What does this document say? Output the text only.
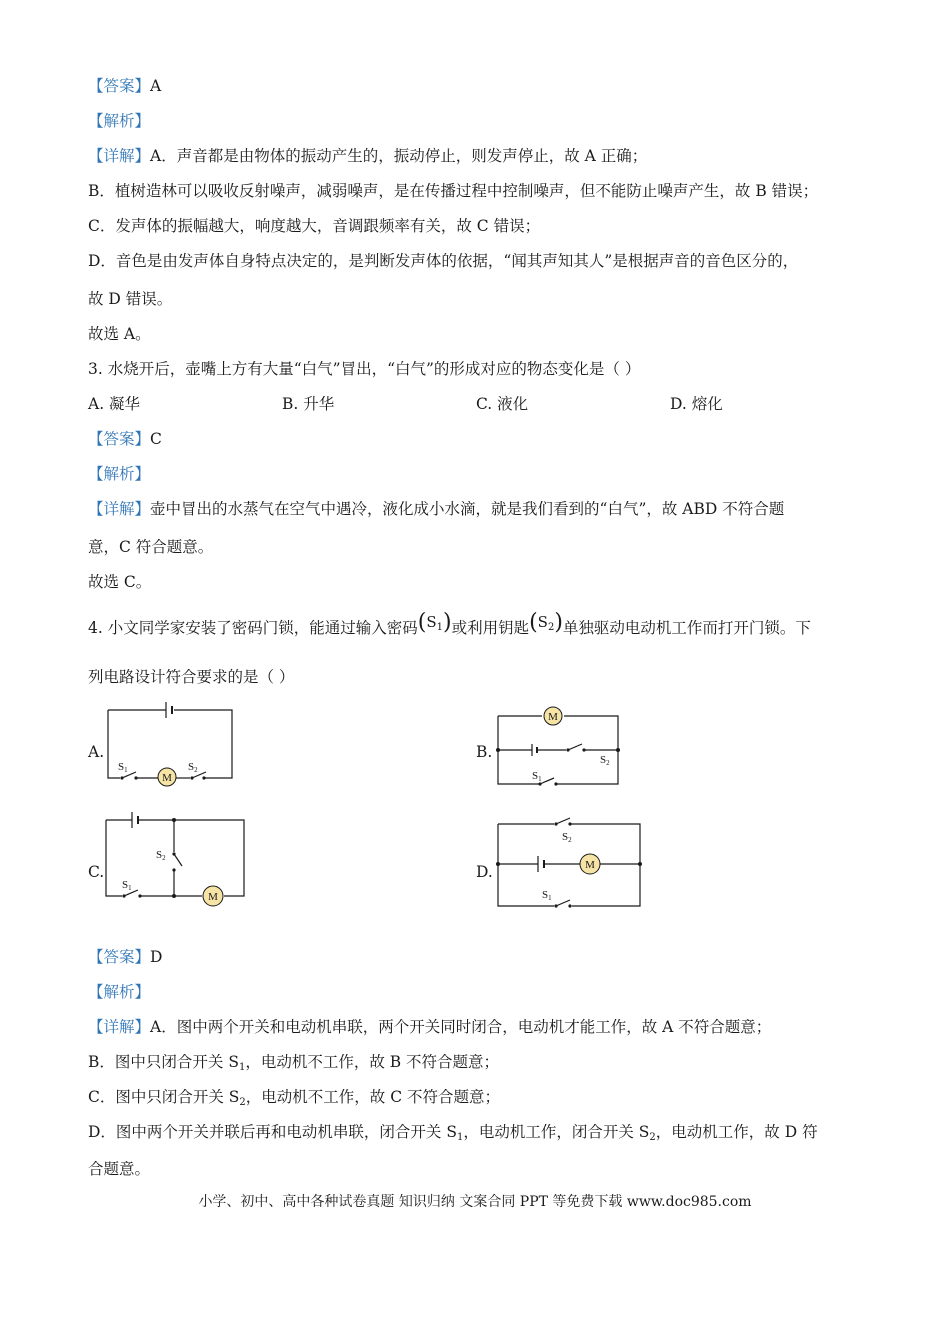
【答案】A
【解析】
【详解】A．声音都是由物体的振动产生的，振动停止，则发声停止，故 A 正确；
B．植树造林可以吸收反射噪声，减弱噪声，是在传播过程中控制噪声，但不能防止噪声产生，故 B 错误；
C．发声体的振幅越大，响度越大，音调跟频率有关，故 C 错误；
D．音色是由发声体自身特点决定的，是判断发声体的依据，“闻其声知其人”是根据声音的音色区分的，
故 D 错误。
故选 A。
3. 水烧开后，壶嘴上方有大量“白气”冒出，“白气”的形成对应的物态变化是（ ）
A. 凝华	B. 升华	C. 液化	D. 熔化
【答案】C
【解析】
【详解】壶中冒出的水蒸气在空气中遇冷，液化成小水滴，就是我们看到的“白气”，故 ABD 不符合题
意，C 符合题意。
故选 C。
4. 小文同学家安装了密码门锁，能通过输入密码$(S_1)$或利用钥匙$(S_2)$单独驱动电动机工作而打开门锁。下
列电路设计符合要求的是（ ）
A.
M
S1	S2
B.
M
S2
S1
C.
M
S2
S1
D.	M
S2
S1
【答案】D
【解析】
【详解】A．图中两个开关和电动机串联，两个开关同时闭合，电动机才能工作，故 A 不符合题意；
B．图中只闭合开关 $S_1$，电动机不工作，故 B 不符合题意；
C．图中只闭合开关 $S_2$，电动机不工作，故 C 不符合题意；
D．图中两个开关并联后再和电动机串联，闭合开关 $S_1$，电动机工作，闭合开关 $S_2$，电动机工作，故 D 符
合题意。
小学、初中、高中各种试卷真题 知识归纳 文案合同 PPT 等免费下载 www.doc985.com
